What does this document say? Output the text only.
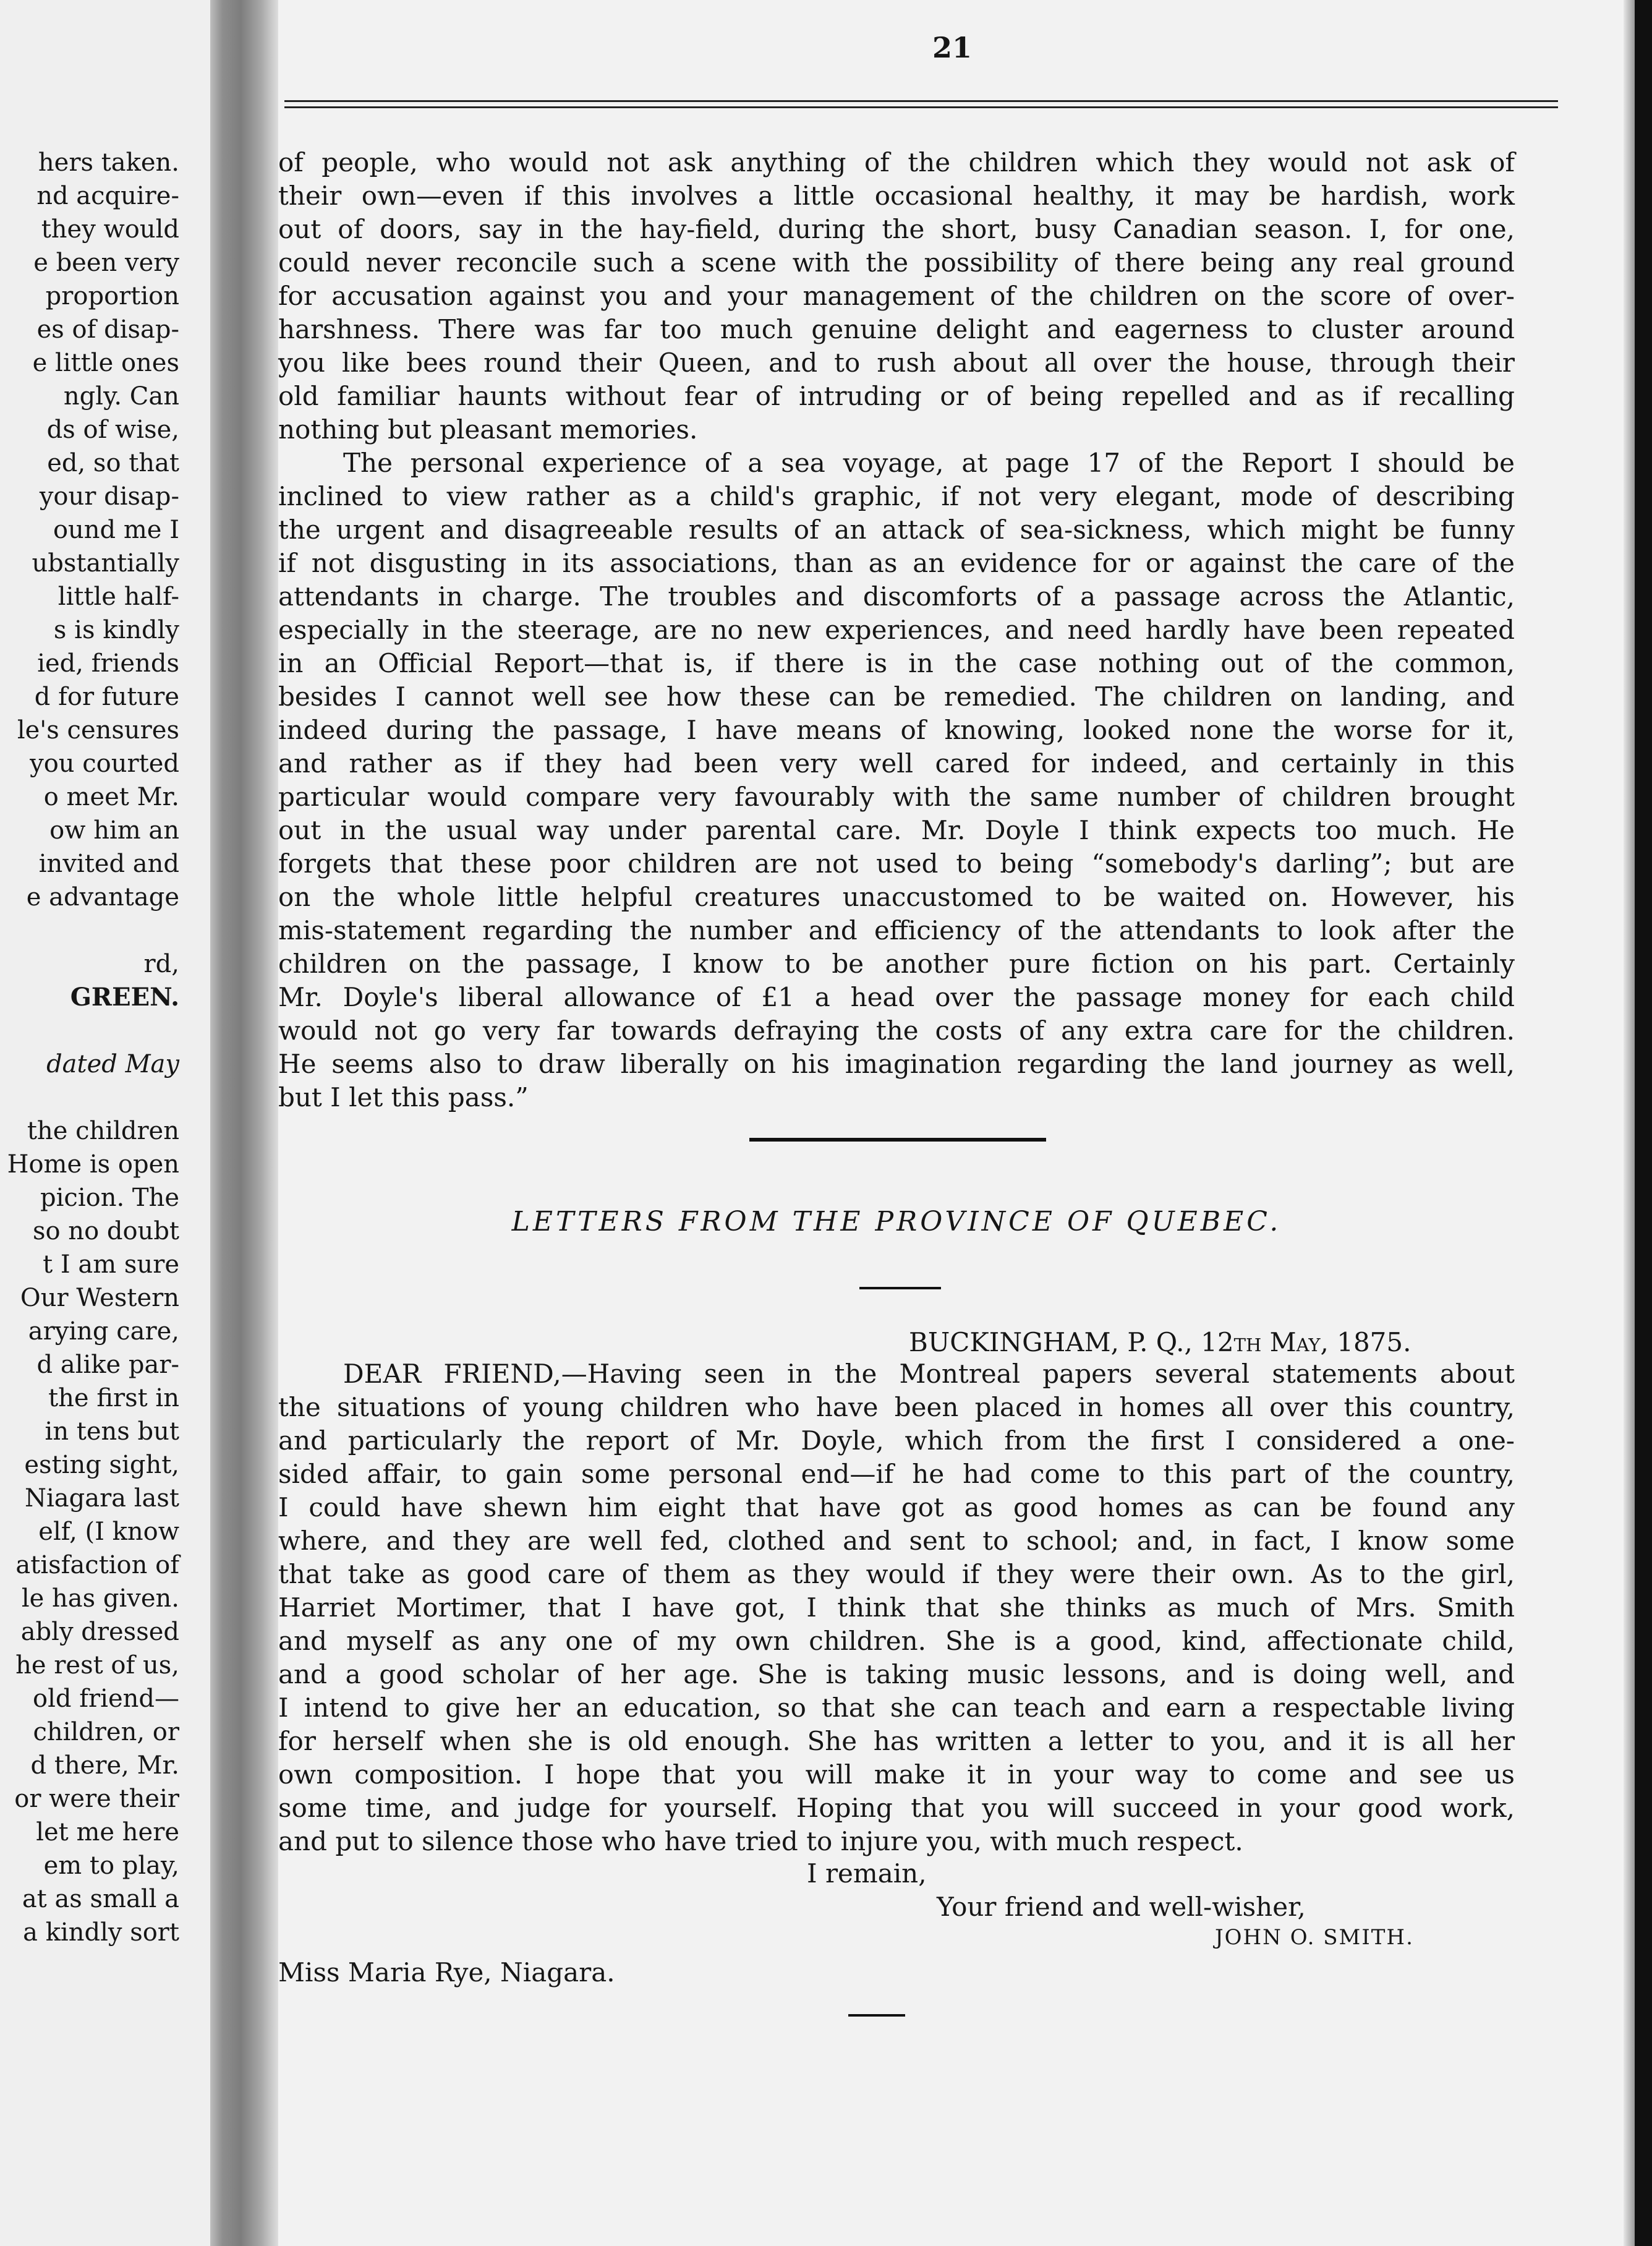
hers taken.
nd acquire-
they would
e been very
proportion
es of disap-
e little ones
ngly. Can
ds of wise,
ed, so that
your disap-
ound me I
ubstantially
little half-
s is kindly
ied, friends
d for future
le's censures
you courted
o meet Mr.
ow him an
invited and
e advantage
rd,
GREEN.
dated May
the children
Home is open
picion. The
so no doubt
t I am sure
Our Western
arying care,
d alike par-
the first in
in tens but
esting sight,
Niagara last
elf, (I know
atisfaction of
le has given.
ably dressed
he rest of us,
old friend—
children, or
d there, Mr.
or were their
let me here
em to play,
at as small a
a kindly sort
21
of people, who would not ask anything of the children which they would not ask of
their own—even if this involves a little occasional healthy, it may be hardish, work
out of doors, say in the hay-field, during the short, busy Canadian season. I, for one,
could never reconcile such a scene with the possibility of there being any real ground
for accusation against you and your management of the children on the score of over-
harshness. There was far too much genuine delight and eagerness to cluster around
you like bees round their Queen, and to rush about all over the house, through their
old familiar haunts without fear of intruding or of being repelled and as if recalling
nothing but pleasant memories.
The personal experience of a sea voyage, at page 17 of the Report I should be
inclined to view rather as a child's graphic, if not very elegant, mode of describing
the urgent and disagreeable results of an attack of sea-sickness, which might be funny
if not disgusting in its associations, than as an evidence for or against the care of the
attendants in charge. The troubles and discomforts of a passage across the Atlantic,
especially in the steerage, are no new experiences, and need hardly have been repeated
in an Official Report—that is, if there is in the case nothing out of the common,
besides I cannot well see how these can be remedied. The children on landing, and
indeed during the passage, I have means of knowing, looked none the worse for it,
and rather as if they had been very well cared for indeed, and certainly in this
particular would compare very favourably with the same number of children brought
out in the usual way under parental care. Mr. Doyle I think expects too much. He
forgets that these poor children are not used to being “somebody's darling”; but are
on the whole little helpful creatures unaccustomed to be waited on. However, his
mis-statement regarding the number and efficiency of the attendants to look after the
children on the passage, I know to be another pure fiction on his part. Certainly
Mr. Doyle's liberal allowance of £1 a head over the passage money for each child
would not go very far towards defraying the costs of any extra care for the children.
He seems also to draw liberally on his imagination regarding the land journey as well,
but I let this pass.”
LETTERS FROM THE PROVINCE OF QUEBEC.
BUCKINGHAM, P. Q., 12th May, 1875.
DEAR FRIEND,—Having seen in the Montreal papers several statements about
the situations of young children who have been placed in homes all over this country,
and particularly the report of Mr. Doyle, which from the first I considered a one-
sided affair, to gain some personal end—if he had come to this part of the country,
I could have shewn him eight that have got as good homes as can be found any
where, and they are well fed, clothed and sent to school; and, in fact, I know some
that take as good care of them as they would if they were their own. As to the girl,
Harriet Mortimer, that I have got, I think that she thinks as much of Mrs. Smith
and myself as any one of my own children. She is a good, kind, affectionate child,
and a good scholar of her age. She is taking music lessons, and is doing well, and
I intend to give her an education, so that she can teach and earn a respectable living
for herself when she is old enough. She has written a letter to you, and it is all her
own composition. I hope that you will make it in your way to come and see us
some time, and judge for yourself. Hoping that you will succeed in your good work,
and put to silence those who have tried to injure you, with much respect.
I remain,
Your friend and well-wisher,
JOHN O. SMITH.
Miss Maria Rye, Niagara.
